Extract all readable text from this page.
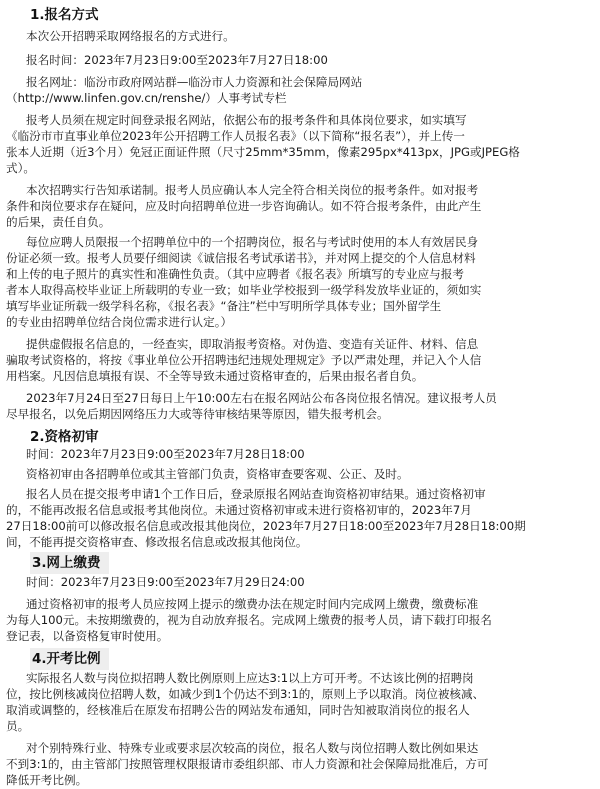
1.报名方式
本次公开招聘采取网络报名的方式进行。
报名时间：2023年7月23日9:00至2023年7月27日18:00
报名网址：临汾市政府网站群—临汾市人力资源和社会保障局网站
（http://www.linfen.gov.cn/renshe/）人事考试专栏
报考人员须在规定时间登录报名网站，依据公布的报考条件和具体岗位要求，如实填写
《临汾市市直事业单位2023年公开招聘工作人员报名表》（以下简称“报名表”），并上传一
张本人近期（近3个月）免冠正面证件照（尺寸25mm*35mm，像素295px*413px，JPG或JPEG格
式）。
本次招聘实行告知承诺制。报考人员应确认本人完全符合相关岗位的报考条件。如对报考
条件和岗位要求存在疑问，应及时向招聘单位进一步咨询确认。如不符合报考条件，由此产生
的后果，责任自负。
每位应聘人员限报一个招聘单位中的一个招聘岗位，报名与考试时使用的本人有效居民身
份证必须一致。报考人员要仔细阅读《诚信报名考试承诺书》，并对网上提交的个人信息材料
和上传的电子照片的真实性和准确性负责。（其中应聘者《报名表》所填写的专业应与报考
者本人取得高校毕业证上所载明的专业一致；如毕业学校报到一级学科发放毕业证的，须如实
填写毕业证所载一级学科名称，《报名表》“备注”栏中写明所学具体专业；国外留学生
的专业由招聘单位结合岗位需求进行认定。）
提供虚假报名信息的，一经查实，即取消报考资格。对伪造、变造有关证件、材料、信息
骗取考试资格的，将按《事业单位公开招聘违纪违规处理规定》予以严肃处理，并记入个人信
用档案。凡因信息填报有误、不全等导致未通过资格审查的，后果由报名者自负。
2023年7月24日至27日每日上午10:00左右在报名网站公布各岗位报名情况。建议报考人员
尽早报名，以免后期因网络压力大或等待审核结果等原因，错失报考机会。
2.资格初审
时间：2023年7月23日9:00至2023年7月28日18:00
资格初审由各招聘单位或其主管部门负责，资格审查要客观、公正、及时。
报名人员在提交报考申请1个工作日后，登录原报名网站查询资格初审结果。通过资格初审
的，不能再改报名信息或报考其他岗位。未通过资格初审或未进行资格初审的，2023年7月
27日18:00前可以修改报名信息或改报其他岗位，2023年7月27日18:00至2023年7月28日18:00期
间，不能再提交资格审查、修改报名信息或改报其他岗位。
3.网上缴费
时间：2023年7月23日9:00至2023年7月29日24:00
通过资格初审的报考人员应按网上提示的缴费办法在规定时间内完成网上缴费，缴费标准
为每人100元。未按期缴费的，视为自动放弃报名。完成网上缴费的报考人员，请下载打印报名
登记表，以备资格复审时使用。
4.开考比例
实际报名人数与岗位拟招聘人数比例原则上应达3:1以上方可开考。不达该比例的招聘岗
位，按比例核减岗位招聘人数，如减少到1个仍达不到3:1的，原则上予以取消。岗位被核减、
取消或调整的，经核准后在原发布招聘公告的网站发布通知，同时告知被取消岗位的报名人
员。
对个别特殊行业、特殊专业或要求层次较高的岗位，报名人数与岗位招聘人数比例如果达
不到3:1的，由主管部门按照管理权限报请市委组织部、市人力资源和社会保障局批准后，方可
降低开考比例。
